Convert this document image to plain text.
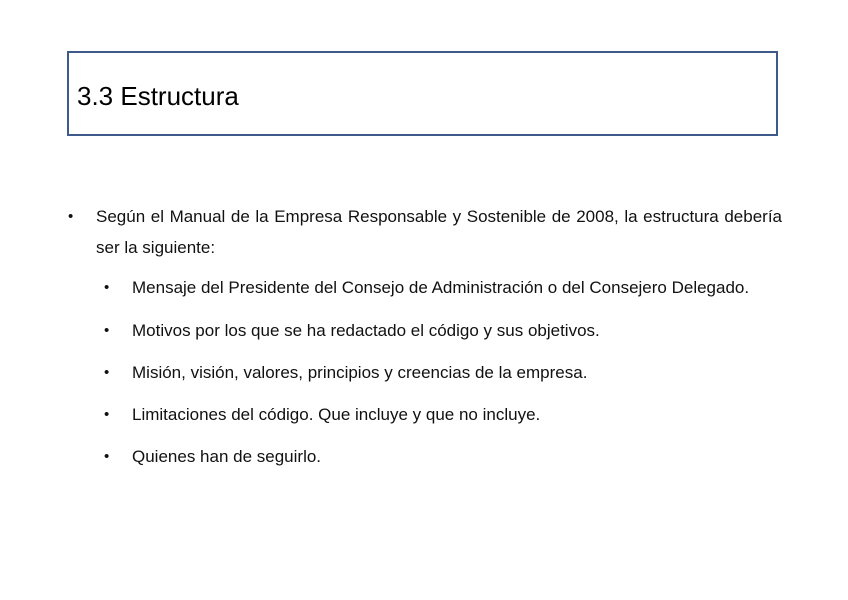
3.3 Estructura
• Según el Manual de la Empresa Responsable y Sostenible de 2008, la estructura debería ser la siguiente:
• Mensaje del Presidente del Consejo de Administración o del Consejero Delegado.
• Motivos por los que se ha redactado el código y sus objetivos.
• Misión, visión, valores, principios y creencias de la empresa.
• Limitaciones del código. Que incluye y que no incluye.
• Quienes han de seguirlo.
